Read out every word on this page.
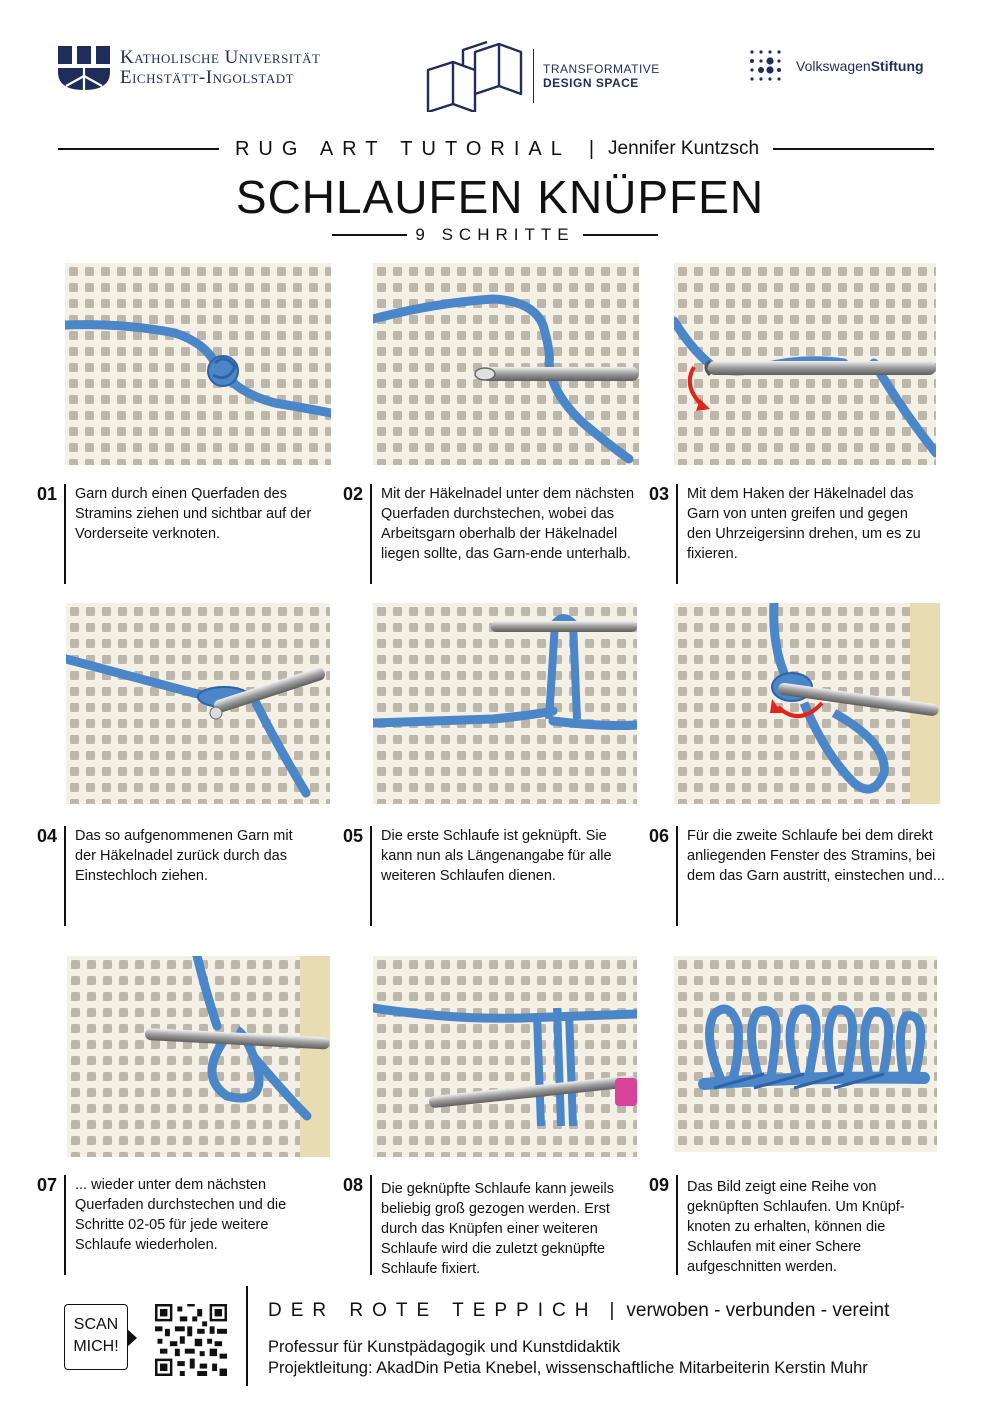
Katholische Universität
Eichstätt-Ingolstadt	TRANSFORMATIVE
DESIGN SPACE
VolkswagenStiftung
RUG ART TUTORIAL | Jennifer Kuntzsch
SCHLAUFEN KNÜPFEN
9 SCHRITTE
01 Garn durch einen Querfaden des Stramins ziehen und sichtbar auf der Vorderseite verknoten.
02 Mit der Häkelnadel unter dem nächsten Querfaden durchstechen, wobei das Arbeitsgarn oberhalb der Häkelnadel liegen sollte, das Garn-ende unterhalb.
03 Mit dem Haken der Häkelnadel das Garn von unten greifen und gegen den Uhrzeigersinn drehen, um es zu fixieren.
04 Das so aufgenommenen Garn mit der Häkelnadel zurück durch das Einstechloch ziehen.
05 Die erste Schlaufe ist geknüpft. Sie kann nun als Längenangabe für alle weiteren Schlaufen dienen.
06 Für die zweite Schlaufe bei dem direkt anliegenden Fenster des Stramins, bei dem das Garn austritt, einstechen und...
07 ... wieder unter dem nächsten Querfaden durchstechen und die Schritte 02-05 für jede weitere Schlaufe wiederholen.
08 Die geknüpfte Schlaufe kann jeweils beliebig groß gezogen werden. Erst durch das Knüpfen einer weiteren Schlaufe wird die zuletzt geknüpfte Schlaufe fixiert.
09 Das Bild zeigt eine Reihe von geknüpften Schlaufen. Um Knüpf-knoten zu erhalten, können die Schlaufen mit einer Schere aufgeschnitten werden.
SCAN
MICH!
DER ROTE TEPPICH | verwoben - verbunden - vereint
Professur für Kunstpädagogik und Kunstdidaktik
Projektleitung: AkadDin Petia Knebel, wissenschaftliche Mitarbeiterin Kerstin Muhr
